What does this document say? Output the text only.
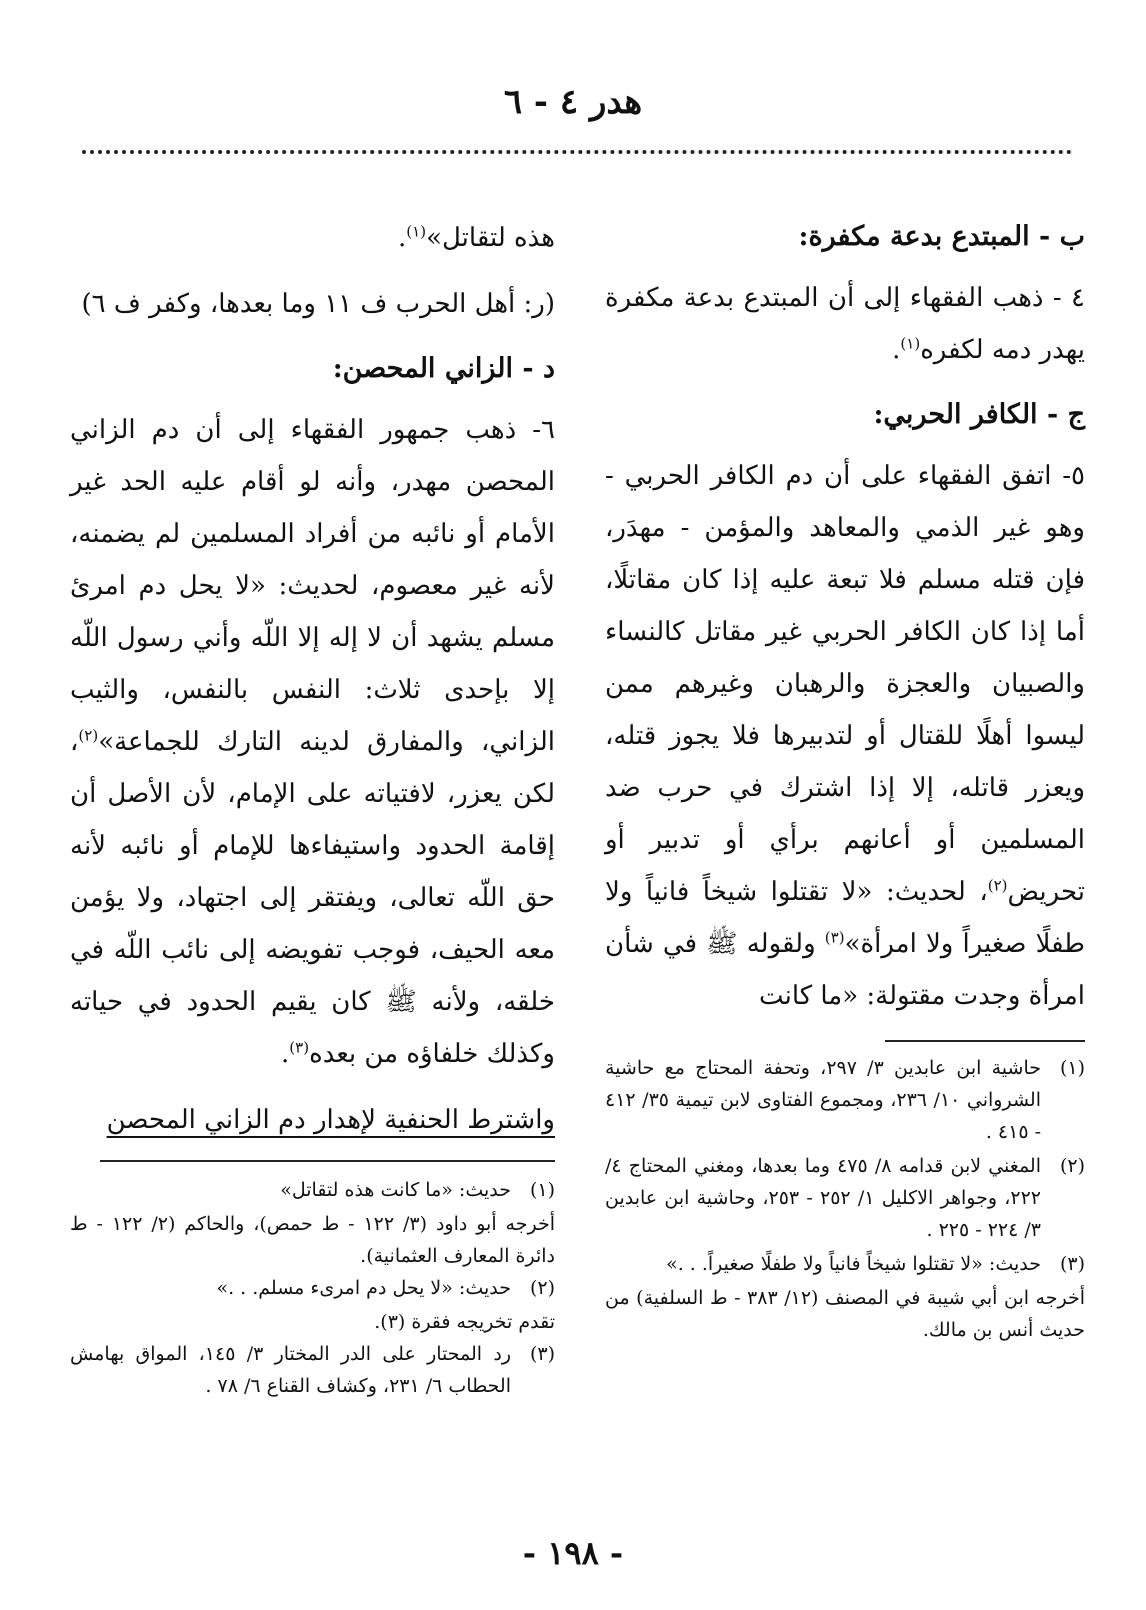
هدر ٤ - ٦
ب - المبتدع بدعة مكفرة:

٤ - ذهب الفقهاء إلى أن المبتدع بدعة مكفرة يهدر دمه لكفره$^{(١)}$.

ج - الكافر الحربي:

٥- اتفق الفقهاء على أن دم الكافر الحربي - وهو غير الذمي والمعاهد والمؤمن - مهدَر، فإن قتله مسلم فلا تبعة عليه إذا كان مقاتلًا، أما إذا كان الكافر الحربي غير مقاتل كالنساء والصبيان والعجزة والرهبان وغيرهم ممن ليسوا أهلًا للقتال أو لتدبيرها فلا يجوز قتله، ويعزر قاتله، إلا إذا اشترك في حرب ضد المسلمين أو أعانهم برأي أو تدبير أو تحريض$^{(٢)}$، لحديث: «لا تقتلوا شيخاً فانياً ولا طفلًا صغيراً ولا امرأة»$^{(٣)}$ ولقوله ﷺ في شأن امرأة وجدت مقتولة: «ما كانت

(١)
حاشية ابن عابدين ٣/ ٢٩٧، وتحفة المحتاج مع حاشية الشرواني ١٠/ ٢٣٦، ومجموع الفتاوى لابن تيمية ٣٥/ ٤١٢ - ٤١٥ .
(٢)
المغني لابن قدامه ٨/ ٤٧٥ وما بعدها، ومغني المحتاج ٤/ ٢٢٢، وجواهر الاكليل ١/ ٢٥٢ - ٢٥٣، وحاشية ابن عابدين ٣/ ٢٢٤ - ٢٢٥ .
(٣)
حديث: «لا تقتلوا شيخاً فانياً ولا طفلًا صغيراً. . .»
أخرجه ابن أبي شيبة في المصنف (١٢/ ٣٨٣ - ط السلفية) من حديث أنس بن مالك.

هذه لتقاتل»$^{(١)}$.

(ر: أهل الحرب ف ١١ وما بعدها، وكفر ف ٦)

د - الزاني المحصن:

٦- ذهب جمهور الفقهاء إلى أن دم الزاني المحصن مهدر، وأنه لو أقام عليه الحد غير الأمام أو نائبه من أفراد المسلمين لم يضمنه، لأنه غير معصوم، لحديث: «لا يحل دم امرئ مسلم يشهد أن لا إله إلا اللّه وأني رسول اللّه إلا بإحدى ثلاث: النفس بالنفس، والثيب الزاني، والمفارق لدينه التارك للجماعة»$^{(٢)}$، لكن يعزر، لافتياته على الإمام، لأن الأصل أن إقامة الحدود واستيفاءها للإمام أو نائبه لأنه حق اللّه تعالى، ويفتقر إلى اجتهاد، ولا يؤمن معه الحيف، فوجب تفويضه إلى نائب اللّه في خلقه، ولأنه ﷺ كان يقيم الحدود في حياته وكذلك خلفاؤه من بعده$^{(٣)}$.

واشترط الحنفية لإهدار دم الزاني المحصن

(١)
حديث: «ما كانت هذه لتقاتل»
أخرجه أبو داود (٣/ ١٢٢ - ط حمص)، والحاكم (٢/ ١٢٢ - ط دائرة المعارف العثمانية).
(٢)
حديث: «لا يحل دم امرىء مسلم. . .»
تقدم تخريجه فقرة (٣).
(٣)
رد المحتار على الدر المختار ٣/ ١٤٥، المواق بهامش الحطاب ٦/ ٢٣١، وكشاف القناع ٦/ ٧٨ .
- ١٩٨ -
